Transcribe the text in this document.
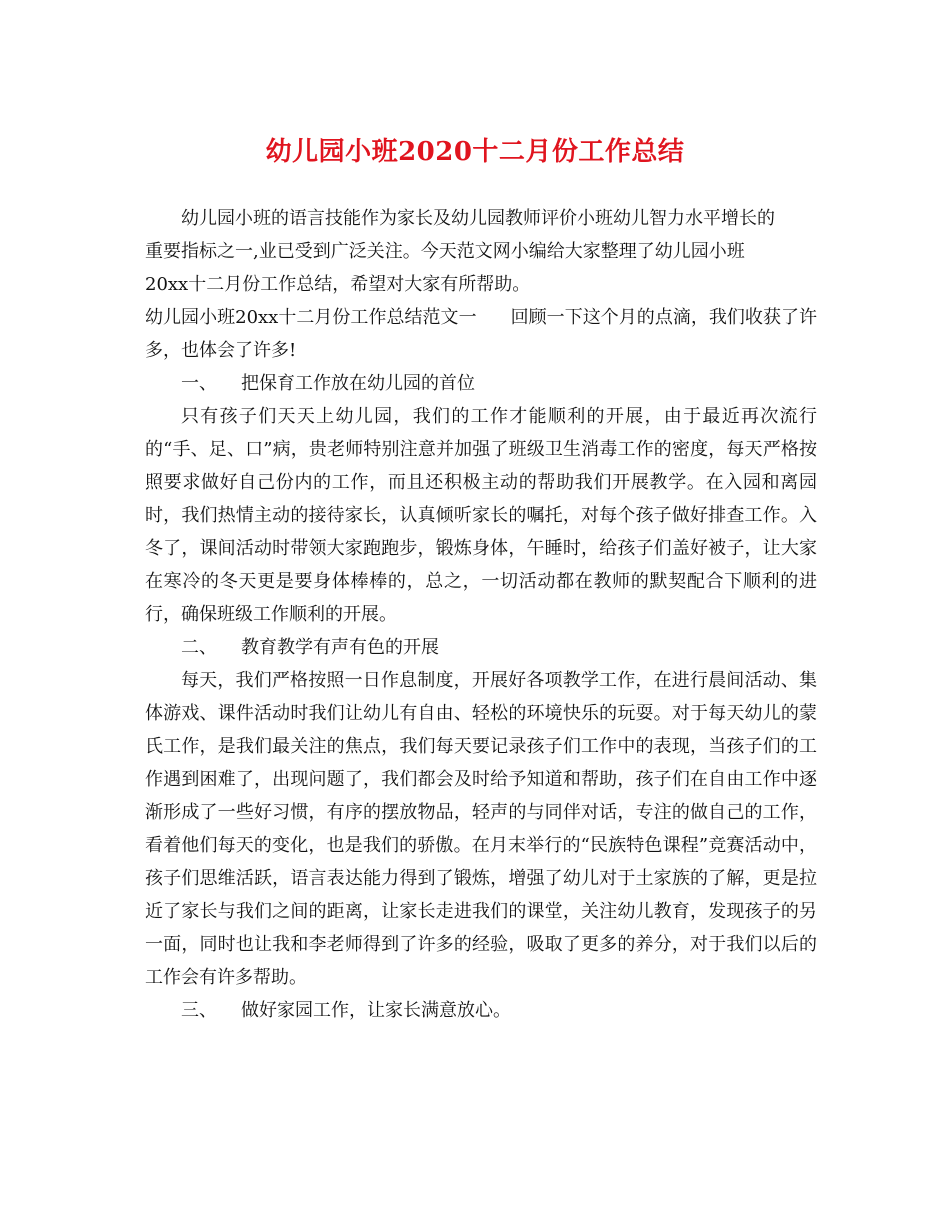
幼儿园小班2020十二月份工作总结

幼儿园小班的语言技能作为家长及幼儿园教师评价小班幼儿智力水平增长的
重要指标之一,业已受到广泛关注。今天范文网小编给大家整理了幼儿园小班
20xx十二月份工作总结，希望对大家有所帮助。

幼儿园小班20xx十二月份工作总结范文一 回顾一下这个月的点滴，我们收获了许多，也体会了许多!

一、 把保育工作放在幼儿园的首位

只有孩子们天天上幼儿园，我们的工作才能顺利的开展，由于最近再次流行的“手、足、口”病，贵老师特别注意并加强了班级卫生消毒工作的密度，每天严格按照要求做好自己份内的工作，而且还积极主动的帮助我们开展教学。在入园和离园时，我们热情主动的接待家长，认真倾听家长的嘱托，对每个孩子做好排查工作。入冬了，课间活动时带领大家跑跑步，锻炼身体，午睡时，给孩子们盖好被子，让大家在寒冷的冬天更是要身体棒棒的，总之，一切活动都在教师的默契配合下顺利的进行，确保班级工作顺利的开展。

二、 教育教学有声有色的开展

每天，我们严格按照一日作息制度，开展好各项教学工作，在进行晨间活动、集体游戏、课件活动时我们让幼儿有自由、轻松的环境快乐的玩耍。对于每天幼儿的蒙氏工作，是我们最关注的焦点，我们每天要记录孩子们工作中的表现，当孩子们的工作遇到困难了，出现问题了，我们都会及时给予知道和帮助，孩子们在自由工作中逐渐形成了一些好习惯，有序的摆放物品，轻声的与同伴对话，专注的做自己的工作，看着他们每天的变化，也是我们的骄傲。在月末举行的“民族特色课程”竞赛活动中，孩子们思维活跃，语言表达能力得到了锻炼，增强了幼儿对于土家族的了解，更是拉近了家长与我们之间的距离，让家长走进我们的课堂，关注幼儿教育，发现孩子的另一面，同时也让我和李老师得到了许多的经验，吸取了更多的养分，对于我们以后的工作会有许多帮助。

三、 做好家园工作，让家长满意放心。
